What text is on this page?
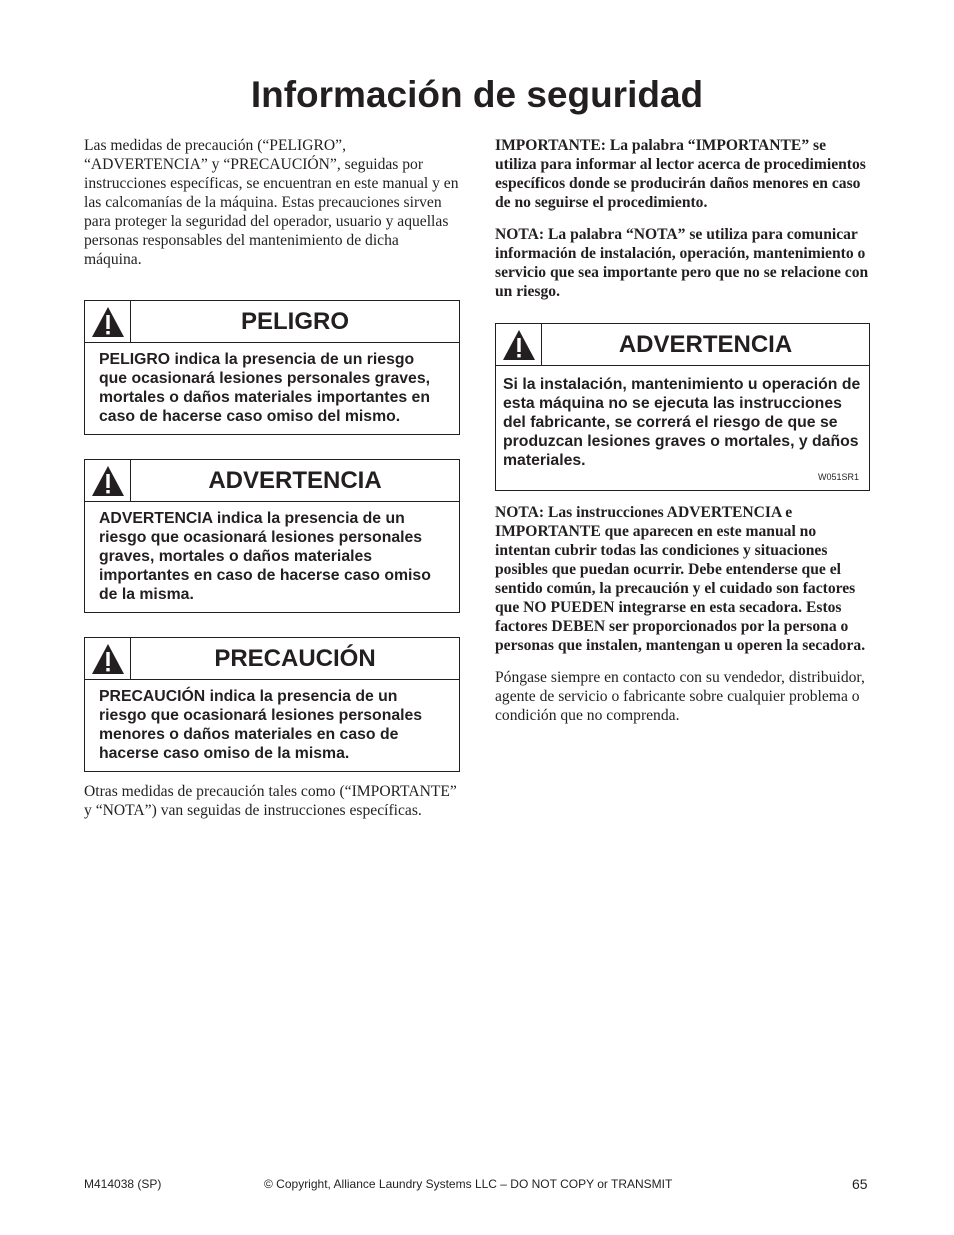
Información de seguridad

Las medidas de precaución (“PELIGRO”, “ADVERTENCIA” y “PRECAUCIÓN”, seguidas por instrucciones específicas, se encuentran en este manual y en las calcomanías de la máquina. Estas precauciones sirven para proteger la seguridad del operador, usuario y aquellas personas responsables del mantenimiento de dicha máquina.

PELIGRO
PELIGRO indica la presencia de un riesgo que ocasionará lesiones personales graves, mortales o daños materiales importantes en caso de hacerse caso omiso del mismo.
ADVERTENCIA
ADVERTENCIA indica la presencia de un riesgo que ocasionará lesiones personales graves, mortales o daños materiales importantes en caso de hacerse caso omiso de la misma.
PRECAUCIÓN
PRECAUCIÓN indica la presencia de un riesgo que ocasionará lesiones personales menores o daños materiales en caso de hacerse caso omiso de la misma.

Otras medidas de precaución tales como (“IMPORTANTE” y “NOTA”) van seguidas de instrucciones específicas.

IMPORTANTE: La palabra “IMPORTANTE” se utiliza para informar al lector acerca de procedimientos específicos donde se producirán daños menores en caso de no seguirse el procedimiento.

NOTA: La palabra “NOTA” se utiliza para comunicar información de instalación, operación, mantenimiento o servicio que sea importante pero que no se relacione con un riesgo.

ADVERTENCIA
Si la instalación, mantenimiento u operación de esta máquina no se ejecuta las instrucciones del fabricante, se correrá el riesgo de que se produzcan lesiones graves o mortales, y daños materiales.
W051SR1

NOTA: Las instrucciones ADVERTENCIA e IMPORTANTE que aparecen en este manual no intentan cubrir todas las condiciones y situaciones posibles que puedan ocurrir. Debe entenderse que el sentido común, la precaución y el cuidado son factores que NO PUEDEN integrarse en esta secadora. Estos factores DEBEN ser proporcionados por la persona o personas que instalen, mantengan u operen la secadora.

Póngase siempre en contacto con su vendedor, distribuidor, agente de servicio o fabricante sobre cualquier problema o condición que no comprenda.

M414038 (SP)	© Copyright, Alliance Laundry Systems LLC – DO NOT COPY or TRANSMIT	65
